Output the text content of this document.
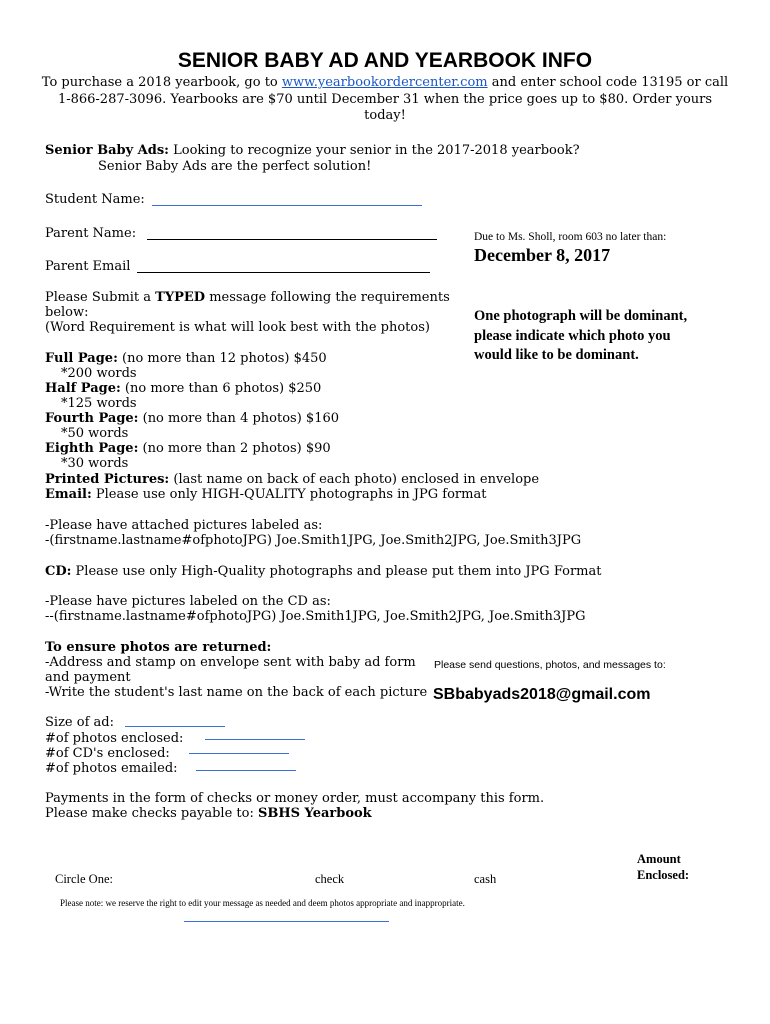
SENIOR BABY AD AND YEARBOOK INFO
To purchase a 2018 yearbook, go to www.yearbookordercenter.com and enter school code 13195 or call 1-866-287-3096. Yearbooks are $70 until December 31 when the price goes up to $80. Order yours today!
Senior Baby Ads: Looking to recognize your senior in the 2017-2018 yearbook?
Senior Baby Ads are the perfect solution!
Student Name:
Parent Name:
Parent Email
Due to Ms. Sholl, room 603 no later than:
December 8, 2017
One photograph will be dominant,
please indicate which photo you
would like to be dominant.
Please Submit a TYPED message following the requirements
below:
(Word Requirement is what will look best with the photos)
Full Page: (no more than 12 photos) $450
*200 words
Half Page: (no more than 6 photos) $250
*125 words
Fourth Page: (no more than 4 photos) $160
*50 words
Eighth Page: (no more than 2 photos) $90
*30 words
Printed Pictures: (last name on back of each photo) enclosed in envelope
Email: Please use only HIGH-QUALITY photographs in JPG format
-Please have attached pictures labeled as:
-(firstname.lastname#ofphotoJPG) Joe.Smith1JPG, Joe.Smith2JPG, Joe.Smith3JPG
CD: Please use only High-Quality photographs and please put them into JPG Format
-Please have pictures labeled on the CD as:
--(firstname.lastname#ofphotoJPG) Joe.Smith1JPG, Joe.Smith2JPG, Joe.Smith3JPG
To ensure photos are returned:
-Address and stamp on envelope sent with baby ad form
and payment
-Write the student's last name on the back of each picture
Please send questions, photos, and messages to:
SBbabyads2018@gmail.com
Size of ad:
#of photos enclosed:
#of CD's enclosed:
#of photos emailed:
Payments in the form of checks or money order, must accompany this form.
Please make checks payable to: SBHS Yearbook
Circle One:	check	cash
Amount
Enclosed:
Please note: we reserve the right to edit your message as needed and deem photos appropriate and inappropriate.
